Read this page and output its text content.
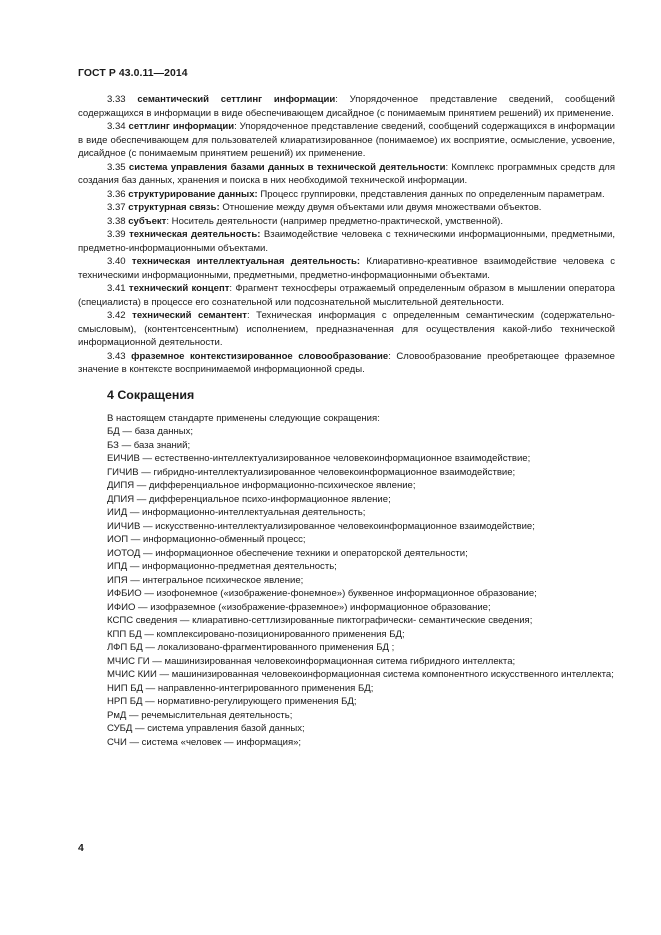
ГОСТ Р 43.0.11—2014

3.33 семантический сеттлинг информации: Упорядоченное представление сведений, сообщений содержащихся в информации в виде обеспечивающем дисайдное (с понимаемым принятием решений) их применение.

3.34 сеттлинг информации: Упорядоченное представление сведений, сообщений содержащихся в информации в виде обеспечивающем для пользователей клиаратизированное (понимаемое) их восприятие, осмысление, усвоение, дисайдное (с понимаемым принятием решений) их применение.

3.35 система управления базами данных в технической деятельности: Комплекс программных средств для создания баз данных, хранения и поиска в них необходимой технической информации.

3.36 структурирование данных: Процесс группировки, представления данных по определенным параметрам.

3.37 структурная связь: Отношение между двумя объектами или двумя множествами объектов.

3.38 субъект: Носитель деятельности (например предметно-практической, умственной).

3.39 техническая деятельность: Взаимодействие человека с техническими информационными, предметными, предметно-информационными объектами.

3.40 техническая интеллектуальная деятельность: Клиаративно-креативное взаимодействие человека с техническими информационными, предметными, предметно-информационными объектами.

3.41 технический концепт: Фрагмент техносферы отражаемый определенным образом в мышлении оператора (специалиста) в процессе его сознательной или подсознательной мыслительной деятельности.

3.42 технический семантент: Техническая информация с определенным семантическим (содержательно-смысловым), (контентсенсентным) исполнением, предназначенная для осуществления какой-либо технической информационной деятельности.

3.43 фраземное контекстизированное словообразование: Словообразование преобретающее фраземное значение в контексте воспринимаемой информационной среды.

4 Сокращения

В настоящем стандарте применены следующие сокращения:

БД — база данных;

БЗ — база знаний;

ЕИЧИВ — естественно-интеллектуализированное человекоинформационное взаимодействие;

ГИЧИВ — гибридно-интеллектуализированное человекоинформационное взаимодействие;

ДИПЯ — дифференциальное информационно-психическое явление;

ДПИЯ — дифференциальное психо-информационное явление;

ИИД — информационно-интеллектуальная деятельность;

ИИЧИВ — искусственно-интеллектуализированное человекоинформационное взаимодействие;

ИОП — информационно-обменный процесс;

ИОТОД — информационное обеспечение техники и операторской деятельности;

ИПД — информационно-предметная деятельность;

ИПЯ — интегральное психическое явление;

ИФБИО — изофонемное («изображение-фонемное») буквенное информационное образование;

ИФИО — изофраземное («изображение-фраземное») информационное образование;

КСПС сведения — клиаративно-сеттлизированные пиктографически- семантические сведения;

КПП БД — комплексировано-позиционированного применения БД;

ЛФП БД — локализовано-фрагментированного применения БД ;

МЧИС ГИ — машинизированная человекоинформационная ситема гибридного интеллекта;

МЧИС КИИ — машинизированная человекоинформационная система компонентного искусственного интеллекта;

НИП БД — направленно-интегрированного применения БД;

НРП БД — нормативно-регулирующего применения БД;

РмД — речемыслительная деятельность;

СУБД — система управления базой данных;

СЧИ — система «человек — информация»;

4
